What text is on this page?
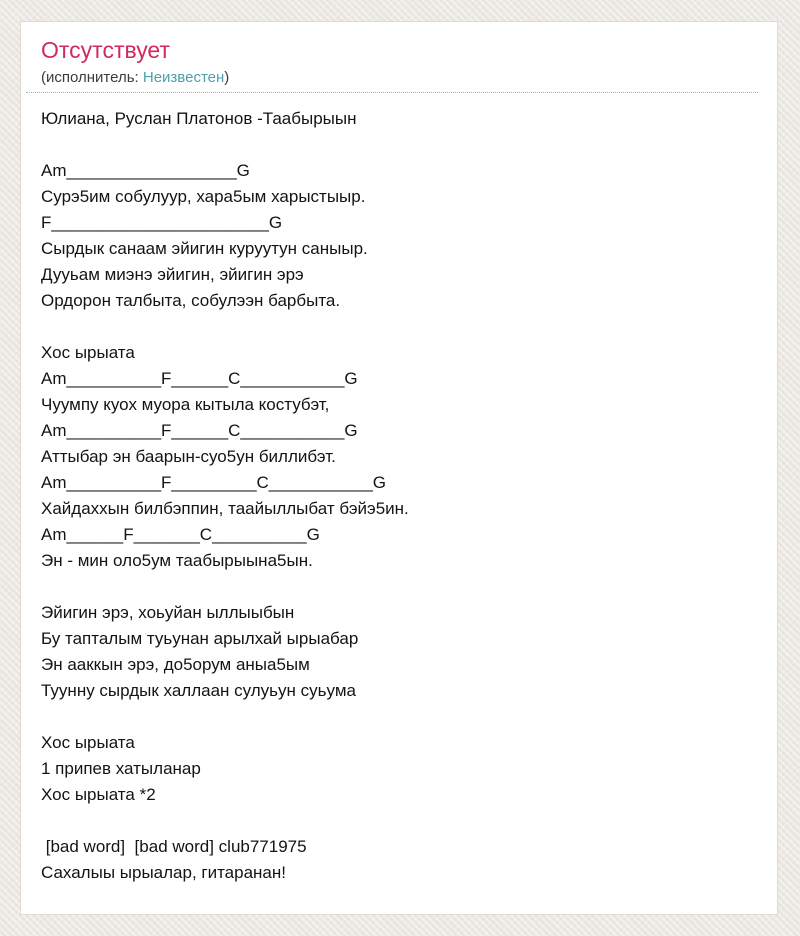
Отсутствует
(исполнитель: Неизвестен)
Юлиана, Руслан Платонов -Таабырыын
Am__________________G
Сурэ5им собулуур, хара5ым харыстыыр.
F_______________________G
Сырдык санаам эйигин куруутун саныыр.
Дууьам миэнэ эйигин, эйигин эрэ
Ордорон талбыта, собулээн барбыта.
Хос ырыата
Am__________F______C___________G
Чуумпу куох муора кытыла костубэт,
Am__________F______C___________G
Аттыбар эн баарын-суо5ун биллибэт.
Am__________F_________C___________G
Хайдаххын билбэппин, таайыллыбат бэйэ5ин.
Am______F_______C__________G
Эн - мин оло5ум таабырыына5ын.
Эйигин эрэ, хоьуйан ыллыыбын
Бу тапталым туьунан арылхай ырыабар
Эн ааккын эрэ, до5орум аныа5ым
Туунну сырдык халлаан сулуьун суьума
Хос ырыата
1 припев хатыланар
Хос ырыата *2
[bad word]  [bad word] club771975
Сахалыы ырыалар, гитаранан!
